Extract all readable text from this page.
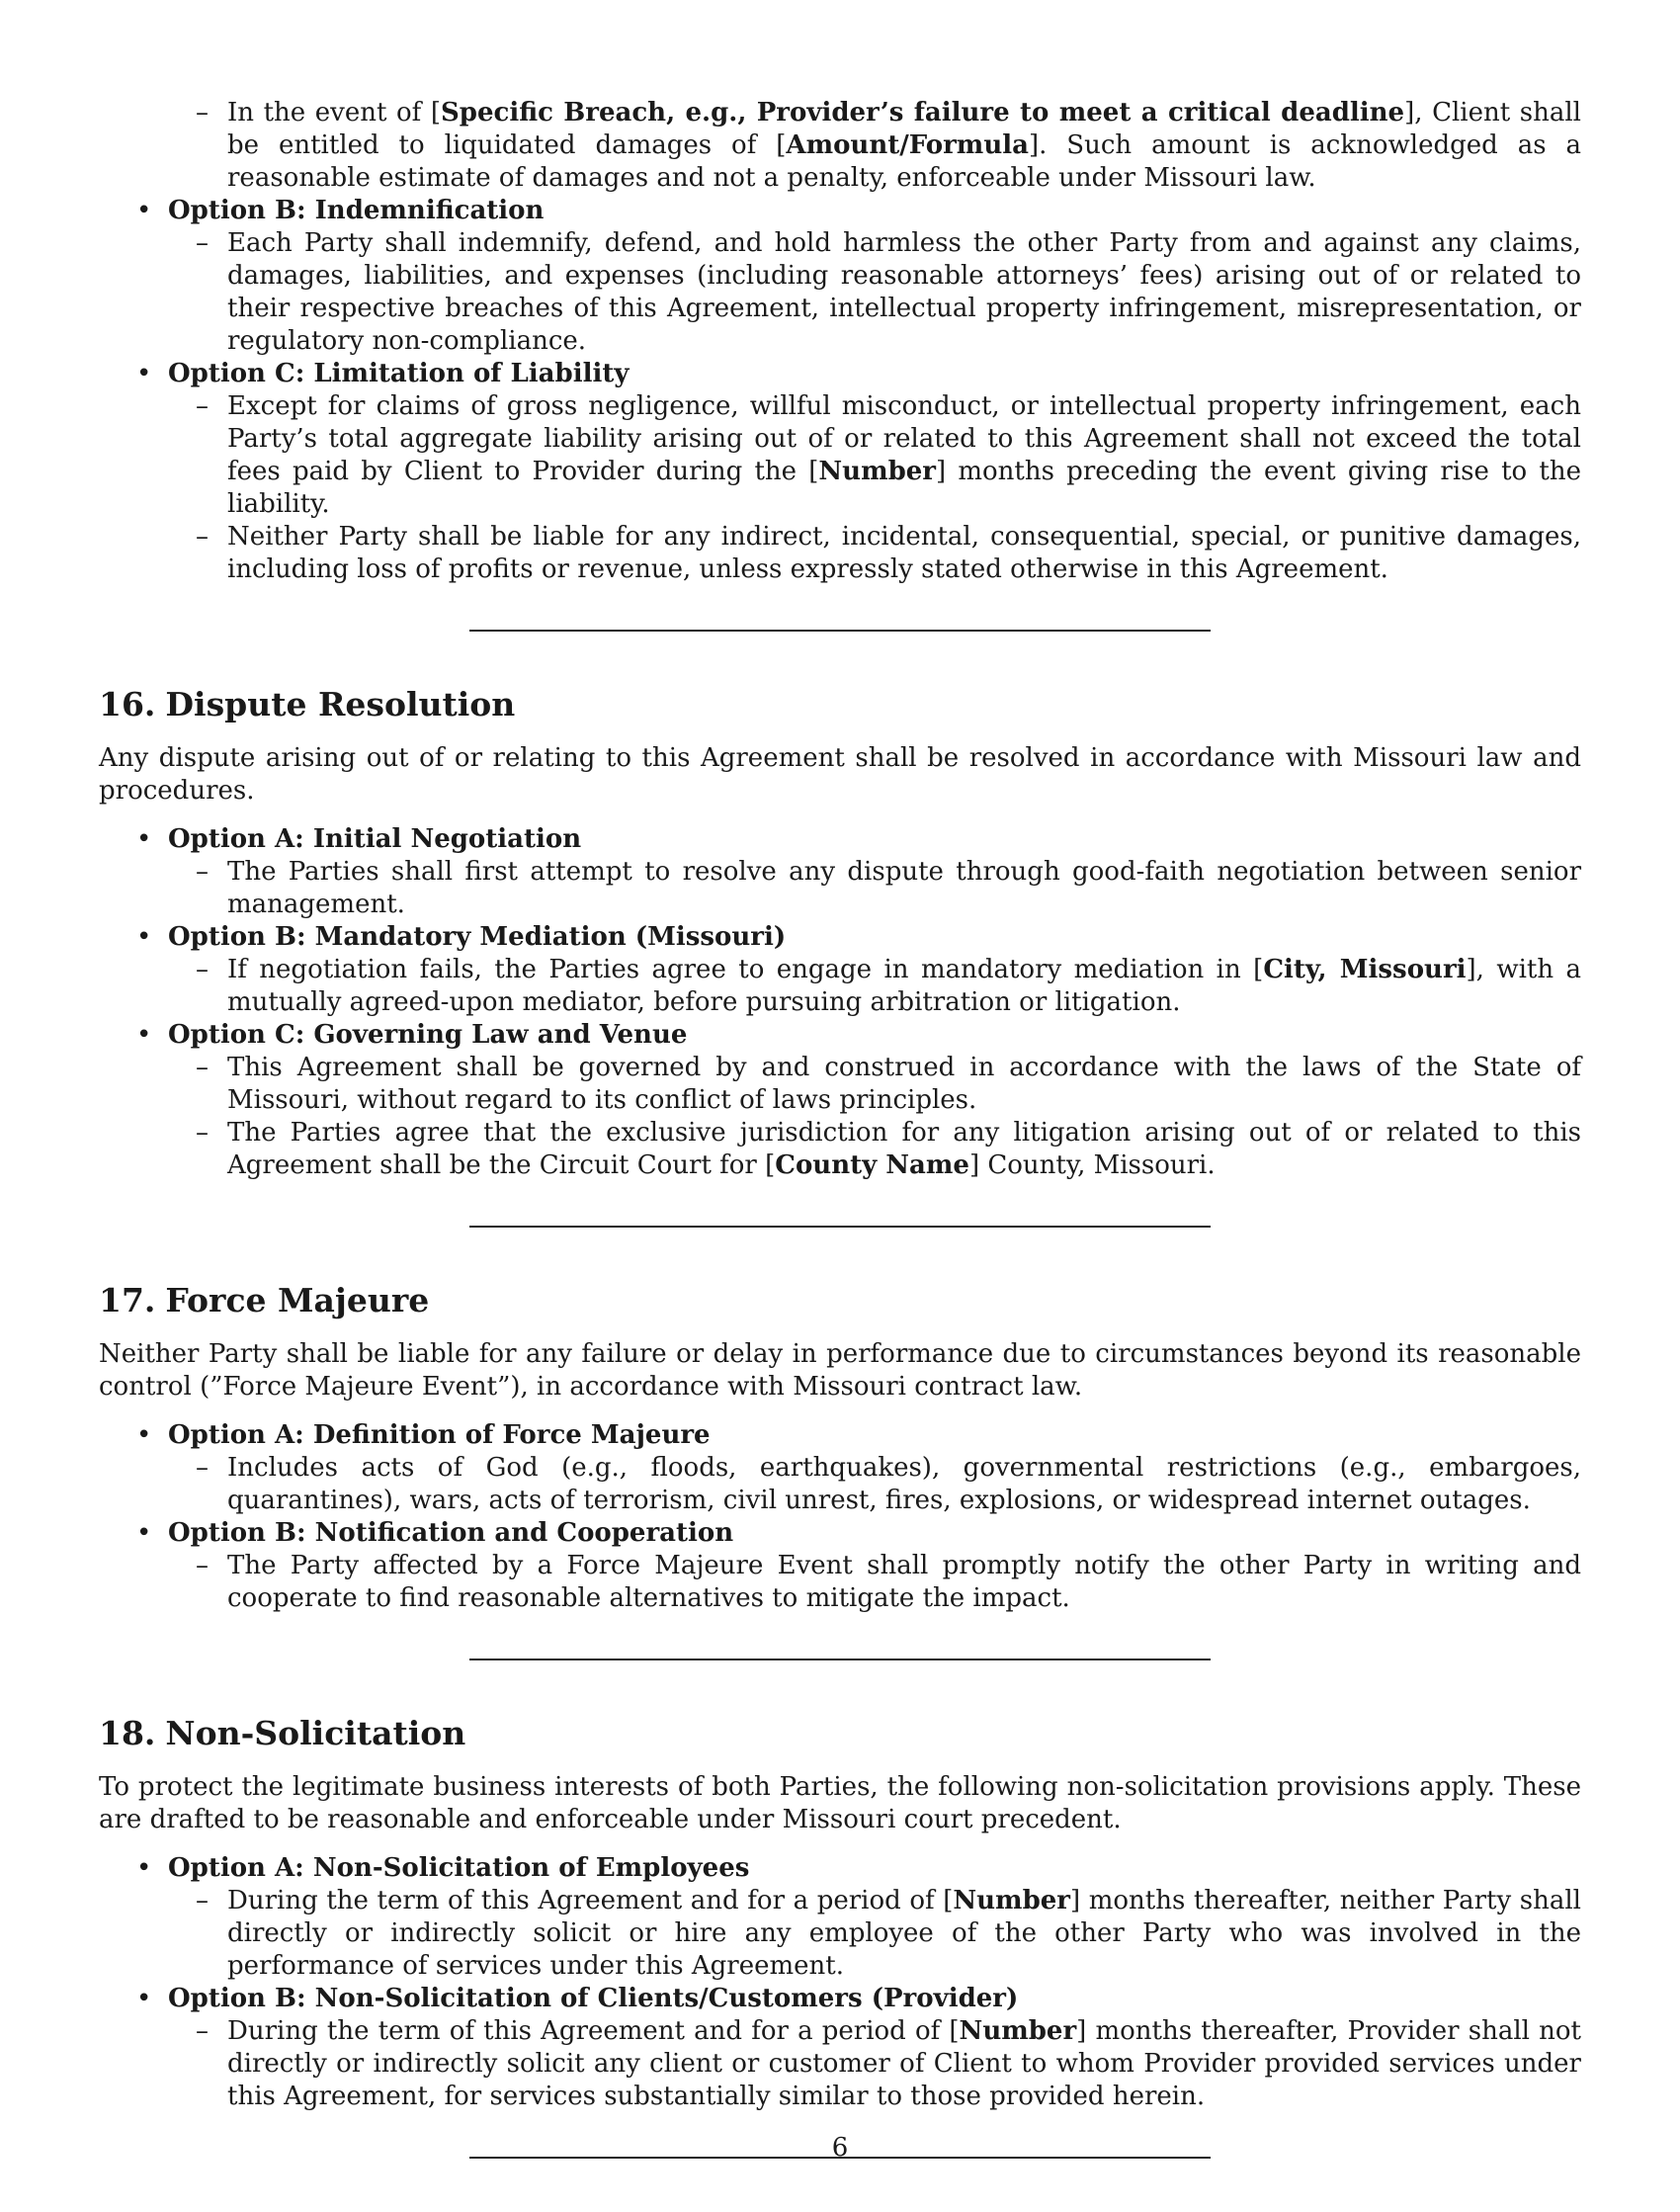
– In the event of [Specific Breach, e.g., Provider’s failure to meet a critical deadline], Client shall be entitled to liquidated damages of [Amount/Formula]. Such amount is acknowledged as a reasonable estimate of damages and not a penalty, enforceable under Missouri law.

• Option B: Indemnification

– Each Party shall indemnify, defend, and hold harmless the other Party from and against any claims, damages, liabilities, and expenses (including reasonable attorneys’ fees) arising out of or related to their respective breaches of this Agreement, intellectual property infringement, misrepresentation, or regulatory non-compliance.

• Option C: Limitation of Liability

– Except for claims of gross negligence, willful misconduct, or intellectual property infringement, each Party’s total aggregate liability arising out of or related to this Agreement shall not exceed the total fees paid by Client to Provider during the [Number] months preceding the event giving rise to the liability.

– Neither Party shall be liable for any indirect, incidental, consequential, special, or punitive damages, including loss of profits or revenue, unless expressly stated otherwise in this Agreement.

16. Dispute Resolution

Any dispute arising out of or relating to this Agreement shall be resolved in accordance with Missouri law and procedures.

• Option A: Initial Negotiation

– The Parties shall first attempt to resolve any dispute through good-faith negotiation between senior management.

• Option B: Mandatory Mediation (Missouri)

– If negotiation fails, the Parties agree to engage in mandatory mediation in [City, Missouri], with a mutually agreed-upon mediator, before pursuing arbitration or litigation.

• Option C: Governing Law and Venue

– This Agreement shall be governed by and construed in accordance with the laws of the State of Missouri, without regard to its conflict of laws principles.

– The Parties agree that the exclusive jurisdiction for any litigation arising out of or related to this Agreement shall be the Circuit Court for [County Name] County, Missouri.

17. Force Majeure

Neither Party shall be liable for any failure or delay in performance due to circumstances beyond its reasonable control (”Force Majeure Event”), in accordance with Missouri contract law.

• Option A: Definition of Force Majeure

– Includes acts of God (e.g., floods, earthquakes), governmental restrictions (e.g., embargoes, quarantines), wars, acts of terrorism, civil unrest, fires, explosions, or widespread internet outages.

• Option B: Notification and Cooperation

– The Party affected by a Force Majeure Event shall promptly notify the other Party in writing and cooperate to find reasonable alternatives to mitigate the impact.

18. Non-Solicitation

To protect the legitimate business interests of both Parties, the following non-solicitation provisions apply. These are drafted to be reasonable and enforceable under Missouri court precedent.

• Option A: Non-Solicitation of Employees

– During the term of this Agreement and for a period of [Number] months thereafter, neither Party shall directly or indirectly solicit or hire any employee of the other Party who was involved in the performance of services under this Agreement.

• Option B: Non-Solicitation of Clients/Customers (Provider)

– During the term of this Agreement and for a period of [Number] months thereafter, Provider shall not directly or indirectly solicit any client or customer of Client to whom Provider provided services under this Agreement, for services substantially similar to those provided herein.

6
